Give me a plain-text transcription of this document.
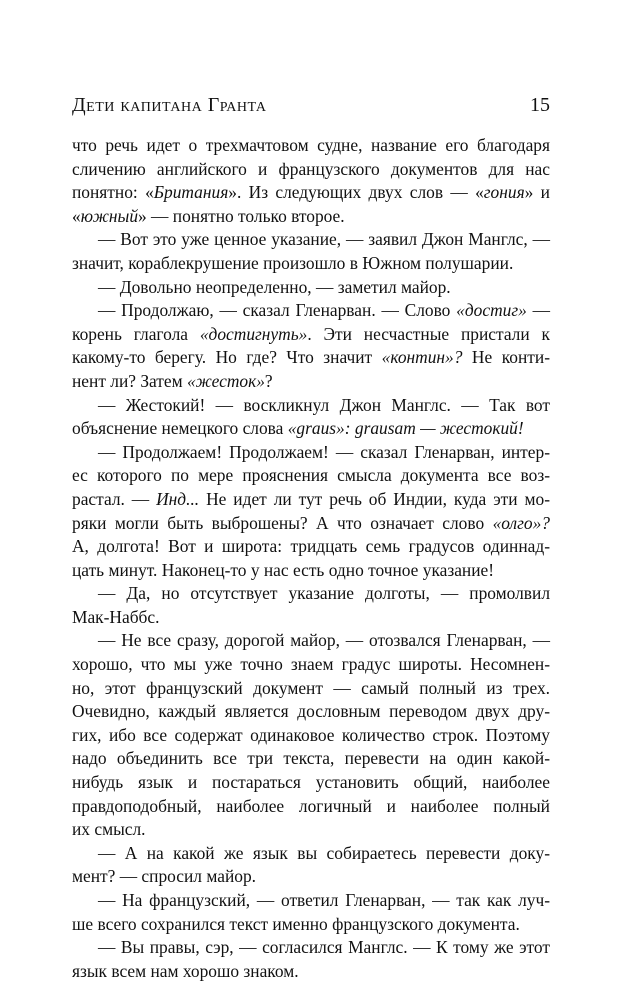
Дети капитана Гранта	15
что речь идет о трехмачтовом судне, название его благодаря
сличению английского и французского документов для нас
понятно: «Британия». Из следующих двух слов — «гония» и
«южный» — понятно только второе.
— Вот это уже ценное указание, — заявил Джон Манглс, —
значит, кораблекрушение произошло в Южном полушарии.
— Довольно неопределенно, — заметил майор.
— Продолжаю, — сказал Гленарван. — Слово «достиг» —
корень глагола «достигнуть». Эти несчастные пристали к
какому-то берегу. Но где? Что значит «контин»? Не конти-
нент ли? Затем «жесток»?
— Жестокий! — воскликнул Джон Манглс. — Так вот
объяснение немецкого слова «graus»: grausam — жестокий!
— Продолжаем! Продолжаем! — сказал Гленарван, интер-
ес которого по мере прояснения смысла документа все воз-
растал. — Инд... Не идет ли тут речь об Индии, куда эти мо-
ряки могли быть выброшены? А что означает слово «олго»?
А, долгота! Вот и широта: тридцать семь градусов одиннад-
цать минут. Наконец-то у нас есть одно точное указание!
— Да, но отсутствует указание долготы, — промолвил
Мак-Наббс.
— Не все сразу, дорогой майор, — отозвался Гленарван, —
хорошо, что мы уже точно знаем градус широты. Несомнен-
но, этот французский документ — самый полный из трех.
Очевидно, каждый является дословным переводом двух дру-
гих, ибо все содержат одинаковое количество строк. Поэтому
надо объединить все три текста, перевести на один какой-
нибудь язык и постараться установить общий, наиболее
правдоподобный, наиболее логичный и наиболее полный
их смысл.
— А на какой же язык вы собираетесь перевести доку-
мент? — спросил майор.
— На французский, — ответил Гленарван, — так как луч-
ше всего сохранился текст именно французского документа.
— Вы правы, сэр, — согласился Манглс. — К тому же этот
язык всем нам хорошо знаком.
